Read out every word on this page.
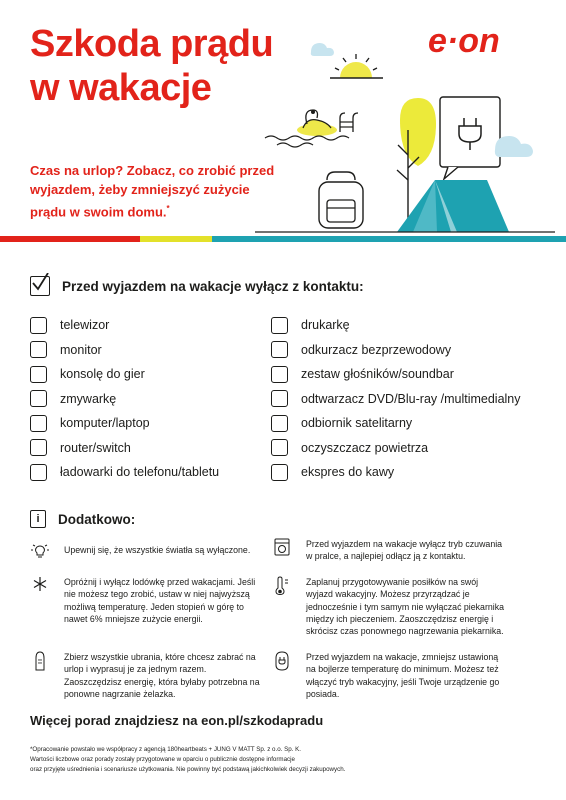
Szkoda prądu
w wakacje
e·on
Czas na urlop? Zobacz, co zrobić przed wyjazdem, żeby zmniejszyć zużycie prądu w swoim domu.*
Przed wyjazdem na wakacje wyłącz z kontaktu:
telewizor
monitor
konsolę do gier
zmywarkę
komputer/laptop
router/switch
ładowarki do telefonu/tabletu
drukarkę
odkurzacz bezprzewodowy
zestaw głośników/soundbar
odtwarzacz DVD/Blu-ray /multimedialny
odbiornik satelitarny
oczyszczacz powietrza
ekspres do kawy
i	Dodatkowo:

Upewnij się, że wszystkie światła są wyłączone.

Przed wyjazdem na wakacje wyłącz tryb czuwania w pralce, a najlepiej odłącz ją z kontaktu.

Opróżnij i wyłącz lodówkę przed wakacjami. Jeśli nie możesz tego zrobić, ustaw w niej najwyższą możliwą temperaturę. Jeden stopień w górę to nawet 6% mniejsze zużycie energii.

Zaplanuj przygotowywanie posiłków na swój wyjazd wakacyjny. Możesz przyrządzać je jednocześnie i tym samym nie wyłączać piekarnika między ich pieczeniem. Zaoszczędzisz energię i skrócisz czas ponownego nagrzewania piekarnika.

Zbierz wszystkie ubrania, które chcesz zabrać na urlop i wyprasuj je za jednym razem. Zaoszczędzisz energię, która byłaby potrzebna na ponowne nagrzanie żelazka.

Przed wyjazdem na wakacje, zmniejsz ustawioną na bojlerze temperaturę do minimum. Możesz też włączyć tryb wakacyjny, jeśli Twoje urządzenie go posiada.

Więcej porad znajdziesz na eon.pl/szkodapradu
*Opracowanie powstało we współpracy z agencją 180heartbeats + JUNG V MATT Sp. z o.o. Sp. K.
Wartości liczbowe oraz porady zostały przygotowane w oparciu o publicznie dostępne informacje
oraz przyjęte uśrednienia i scenariusze użytkowania. Nie powinny być podstawą jakichkolwiek decyzji zakupowych.
